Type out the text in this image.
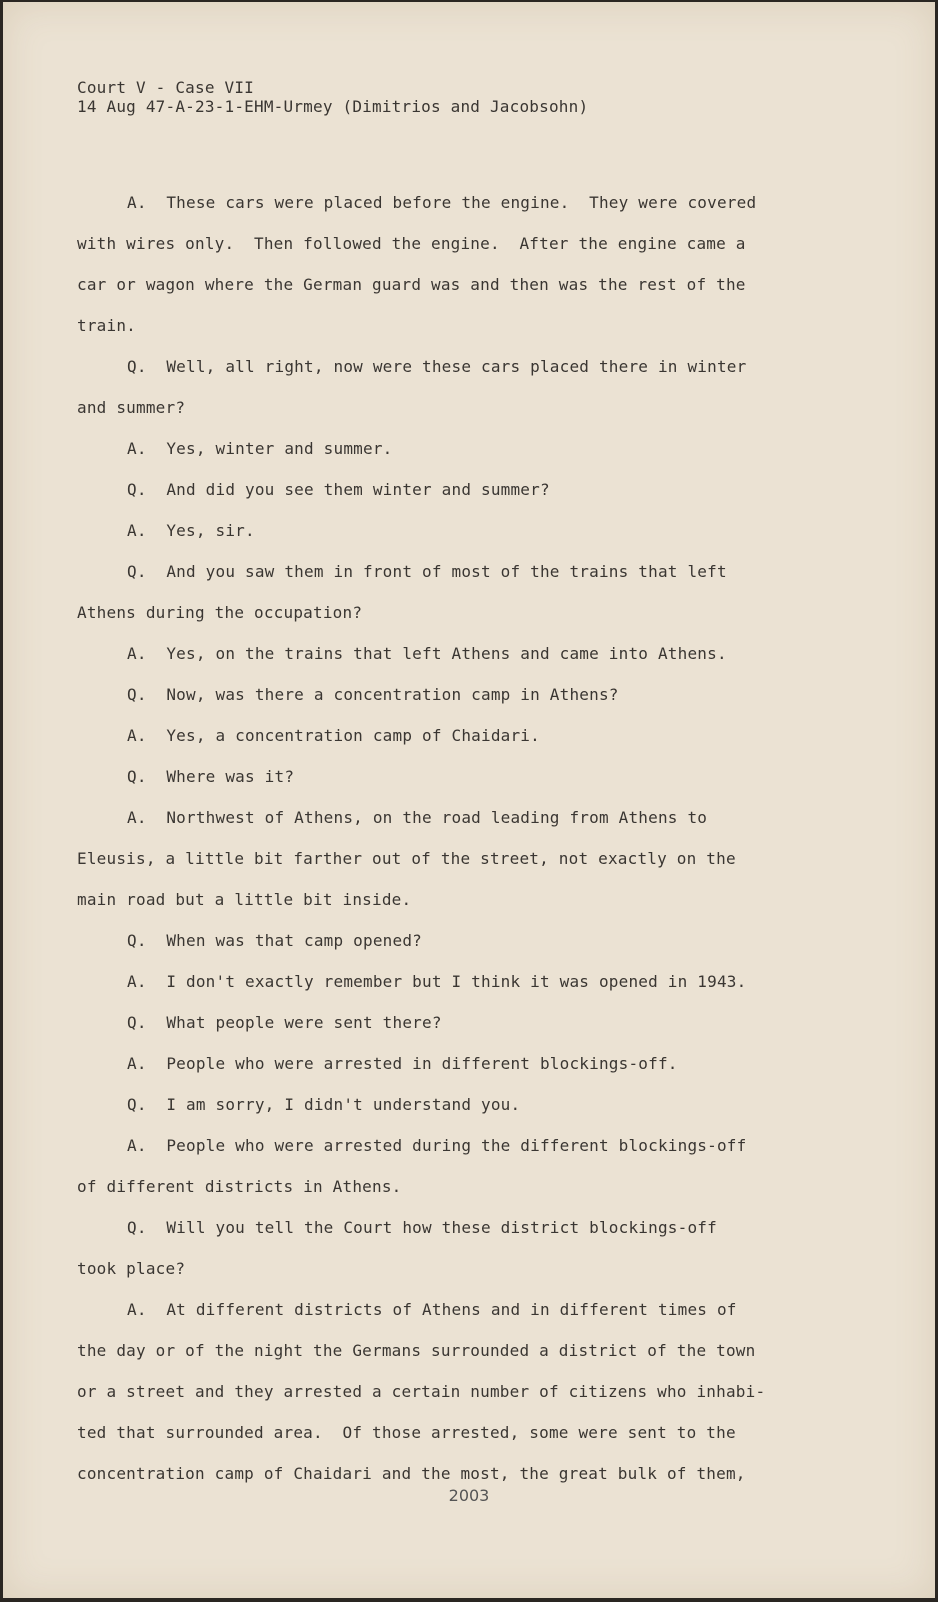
Court V - Case VII
14 Aug 47-A-23-1-EHM-Urmey (Dimitrios and Jacobsohn)
A.  These cars were placed before the engine.  They were covered
with wires only.  Then followed the engine.  After the engine came a
car or wagon where the German guard was and then was the rest of the
train.
Q.  Well, all right, now were these cars placed there in winter
and summer?
A.  Yes, winter and summer.
Q.  And did you see them winter and summer?
A.  Yes, sir.
Q.  And you saw them in front of most of the trains that left
Athens during the occupation?
A.  Yes, on the trains that left Athens and came into Athens.
Q.  Now, was there a concentration camp in Athens?
A.  Yes, a concentration camp of Chaidari.
Q.  Where was it?
A.  Northwest of Athens, on the road leading from Athens to
Eleusis, a little bit farther out of the street, not exactly on the
main road but a little bit inside.
Q.  When was that camp opened?
A.  I don't exactly remember but I think it was opened in 1943.
Q.  What people were sent there?
A.  People who were arrested in different blockings-off.
Q.  I am sorry, I didn't understand you.
A.  People who were arrested during the different blockings-off
of different districts in Athens.
Q.  Will you tell the Court how these district blockings-off
took place?
A.  At different districts of Athens and in different times of
the day or of the night the Germans surrounded a district of the town
or a street and they arrested a certain number of citizens who inhabi-
ted that surrounded area.  Of those arrested, some were sent to the
concentration camp of Chaidari and the most, the great bulk of them,
2003
